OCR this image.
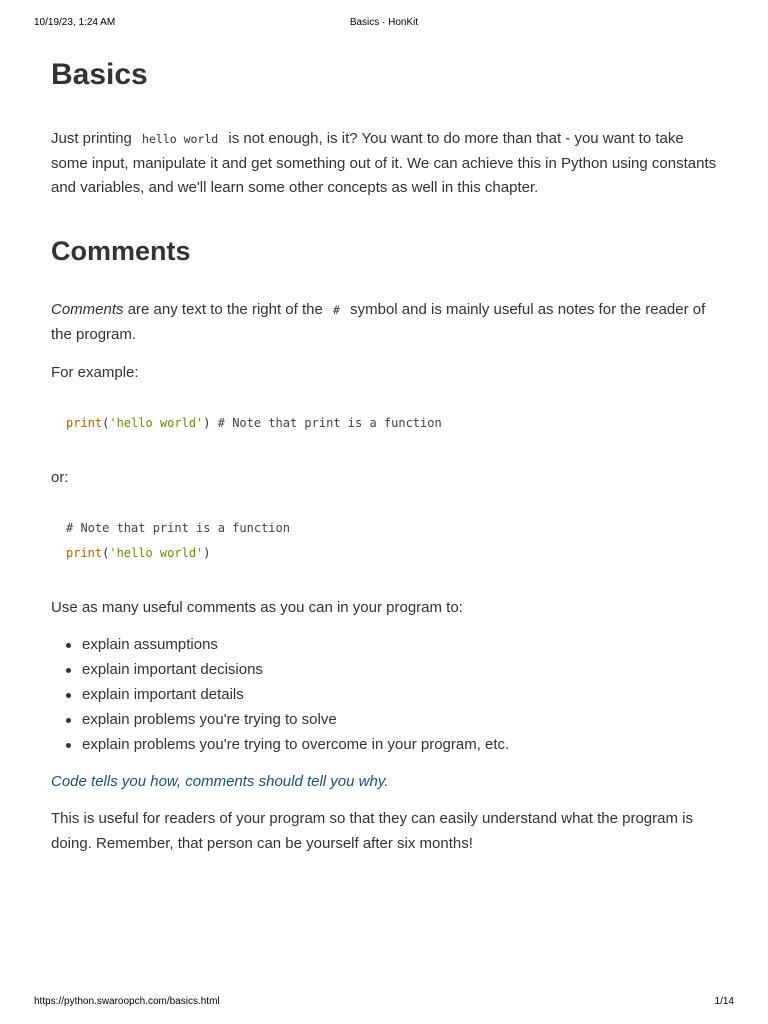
10/19/23, 1:24 AM	Basics · HonKit
Basics

Just printing hello world is not enough, is it? You want to do more than that - you want to take some input, manipulate it and get something out of it. We can achieve this in Python using constants and variables, and we'll learn some other concepts as well in this chapter.

Comments

Comments are any text to the right of the # symbol and is mainly useful as notes for the reader of the program.

For example:

print('hello world') # Note that print is a function

or:

# Note that print is a function
print('hello world')

Use as many useful comments as you can in your program to:

explain assumptions
explain important decisions
explain important details
explain problems you're trying to solve
explain problems you're trying to overcome in your program, etc.

Code tells you how, comments should tell you why.

This is useful for readers of your program so that they can easily understand what the program is doing. Remember, that person can be yourself after six months!

https://python.swaroopch.com/basics.html	1/14
